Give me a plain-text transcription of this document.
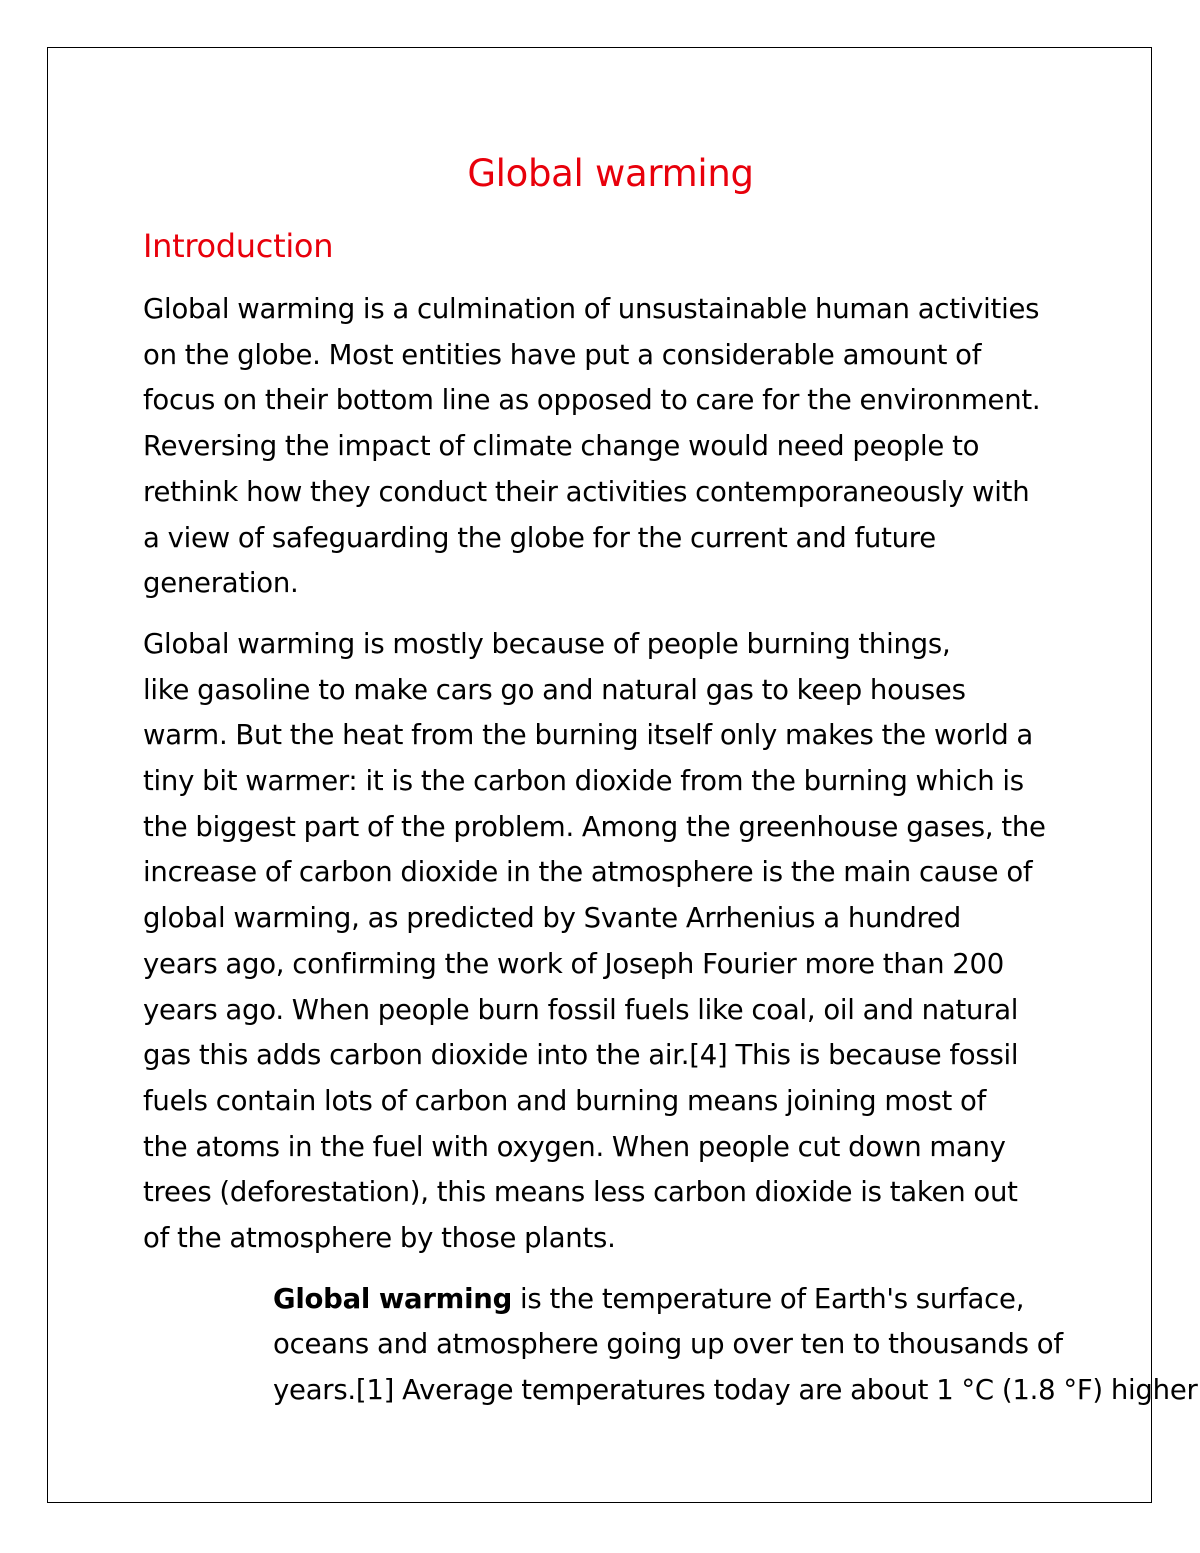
Global warming
Introduction

Global warming is a culmination of unsustainable human activities
on the globe. Most entities have put a considerable amount of
focus on their bottom line as opposed to care for the environment.
Reversing the impact of climate change would need people to
rethink how they conduct their activities contemporaneously with
a view of safeguarding the globe for the current and future
generation.

Global warming is mostly because of people burning things,
like gasoline to make cars go and natural gas to keep houses
warm. But the heat from the burning itself only makes the world a
tiny bit warmer: it is the carbon dioxide from the burning which is
the biggest part of the problem. Among the greenhouse gases, the
increase of carbon dioxide in the atmosphere is the main cause of
global warming, as predicted by Svante Arrhenius a hundred
years ago, confirming the work of Joseph Fourier more than 200
years ago. When people burn fossil fuels like coal, oil and natural
gas this adds carbon dioxide into the air.[4] This is because fossil
fuels contain lots of carbon and burning means joining most of
the atoms in the fuel with oxygen. When people cut down many
trees (deforestation), this means less carbon dioxide is taken out
of the atmosphere by those plants.

Global warming is the temperature of Earth's surface,
oceans and atmosphere going up over ten to thousands of
years.[1] Average temperatures today are about 1 °C (1.8 °F) higher
